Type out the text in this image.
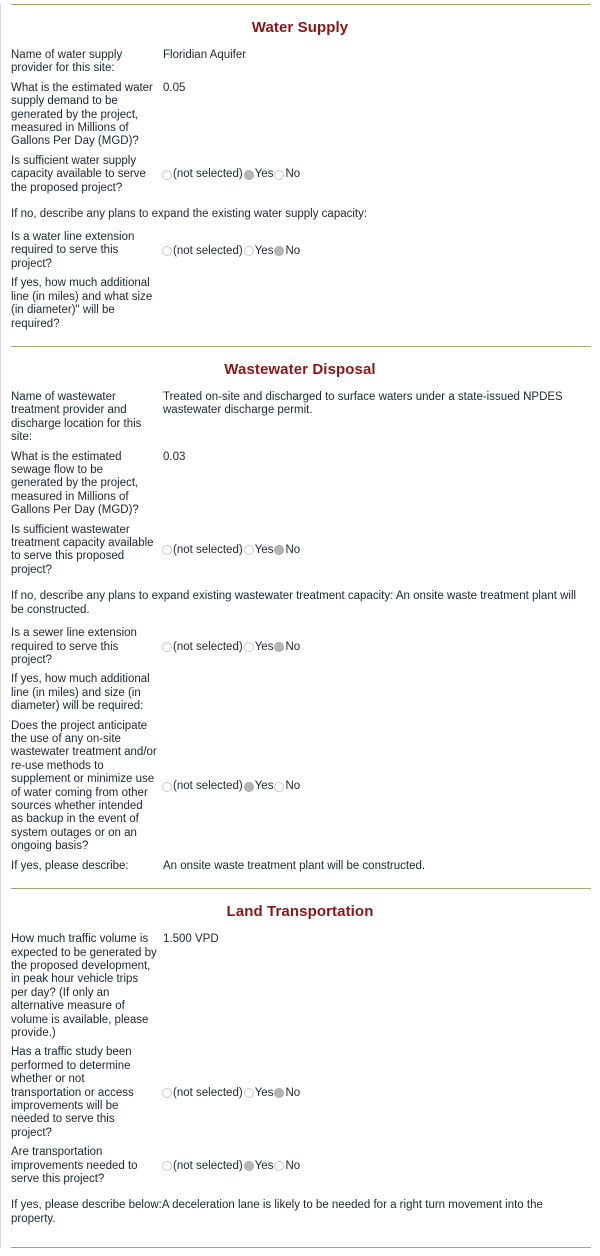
Water Supply
Name of water supply provider for this site:
Floridian Aquifer
What is the estimated water supply demand to be generated by the project, measured in Millions of Gallons Per Day (MGD)?
0.05
Is sufficient water supply capacity available to serve the proposed project?
(not selected) Yes No
If no, describe any plans to expand the existing water supply capacity:
Is a water line extension required to serve this project?
(not selected) Yes No
If yes, how much additional line (in miles) and what size (in diameter)" will be required?
Wastewater Disposal
Name of wastewater treatment provider and discharge location for this site:
Treated on-site and discharged to surface waters under a state-issued NPDES wastewater discharge permit.
What is the estimated sewage flow to be generated by the project, measured in Millions of Gallons Per Day (MGD)?
0.03
Is sufficient wastewater treatment capacity available to serve this proposed project?
(not selected) Yes No
If no, describe any plans to expand existing wastewater treatment capacity: An onsite waste treatment plant will be constructed.
Is a sewer line extension required to serve this project?
(not selected) Yes No
If yes, how much additional line (in miles) and size (in diameter) will be required:
Does the project anticipate the use of any on-site wastewater treatment and/or re-use methods to supplement or minimize use of water coming from other sources whether intended as backup in the event of system outages or on an ongoing basis?
(not selected) Yes No
If yes, please describe:	An onsite waste treatment plant will be constructed.
Land Transportation
How much traffic volume is expected to be generated by the proposed development, in peak hour vehicle trips per day? (If only an alternative measure of volume is available, please provide.)
1.500 VPD
Has a traffic study been performed to determine whether or not transportation or access improvements will be needed to serve this project?
(not selected) Yes No
Are transportation improvements needed to serve this project?
(not selected) Yes No
If yes, please describe below:A deceleration lane is likely to be needed for a right turn movement into the property.
